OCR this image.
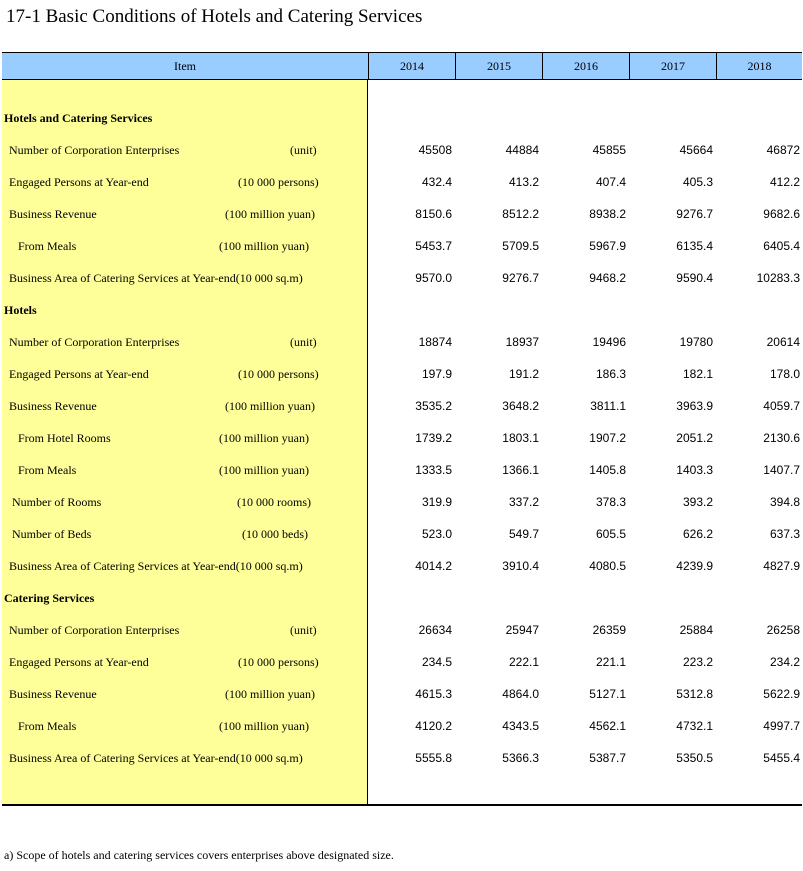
17-1 Basic Conditions of Hotels and Catering Services
Item	2014	2015	2016	2017	2018
Hotels and Catering Services
Number of Corporation Enterprises	(unit)	45508	44884	45855	45664	46872
Engaged Persons at Year-end	(10 000 persons)	432.4	413.2	407.4	405.3	412.2
Business Revenue	(100 million yuan)	8150.6	8512.2	8938.2	9276.7	9682.6
From Meals	(100 million yuan)	5453.7	5709.5	5967.9	6135.4	6405.4
Business Area of Catering Services at Year-end(10 000 sq.m)	9570.0	9276.7	9468.2	9590.4	10283.3
Hotels
Number of Corporation Enterprises	(unit)	18874	18937	19496	19780	20614
Engaged Persons at Year-end	(10 000 persons)	197.9	191.2	186.3	182.1	178.0
Business Revenue	(100 million yuan)	3535.2	3648.2	3811.1	3963.9	4059.7
From Hotel Rooms	(100 million yuan)	1739.2	1803.1	1907.2	2051.2	2130.6
From Meals	(100 million yuan)	1333.5	1366.1	1405.8	1403.3	1407.7
Number of Rooms	(10 000 rooms)	319.9	337.2	378.3	393.2	394.8
Number of Beds	(10 000 beds)	523.0	549.7	605.5	626.2	637.3
Business Area of Catering Services at Year-end(10 000 sq.m)	4014.2	3910.4	4080.5	4239.9	4827.9
Catering Services
Number of Corporation Enterprises	(unit)	26634	25947	26359	25884	26258
Engaged Persons at Year-end	(10 000 persons)	234.5	222.1	221.1	223.2	234.2
Business Revenue	(100 million yuan)	4615.3	4864.0	5127.1	5312.8	5622.9
From Meals	(100 million yuan)	4120.2	4343.5	4562.1	4732.1	4997.7
Business Area of Catering Services at Year-end(10 000 sq.m)	5555.8	5366.3	5387.7	5350.5	5455.4
a) Scope of hotels and catering services covers enterprises above designated size.
